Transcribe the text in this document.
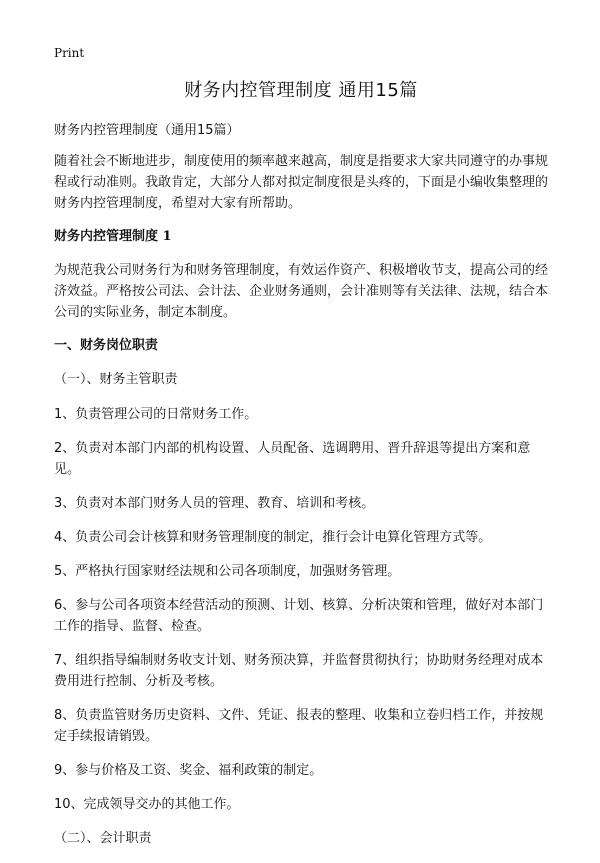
Print
财务内控管理制度 通用15篇
财务内控管理制度（通用15篇）
随着社会不断地进步，制度使用的频率越来越高，制度是指要求大家共同遵守的办事规程或行动准则。我敢肯定，大部分人都对拟定制度很是头疼的，下面是小编收集整理的财务内控管理制度，希望对大家有所帮助。
财务内控管理制度 1
为规范我公司财务行为和财务管理制度，有效运作资产、积极增收节支，提高公司的经济效益。严格按公司法、会计法、企业财务通则，会计准则等有关法律、法规，结合本公司的实际业务，制定本制度。
一、财务岗位职责
（一）、财务主管职责
1、负责管理公司的日常财务工作。
2、负责对本部门内部的机构设置、人员配备、选调聘用、晋升辞退等提出方案和意见。
3、负责对本部门财务人员的管理、教育、培训和考核。
4、负责公司会计核算和财务管理制度的制定，推行会计电算化管理方式等。
5、严格执行国家财经法规和公司各项制度，加强财务管理。
6、参与公司各项资本经营活动的预测、计划、核算、分析决策和管理，做好对本部门工作的指导、监督、检查。
7、组织指导编制财务收支计划、财务预决算，并监督贯彻执行；协助财务经理对成本费用进行控制、分析及考核。
8、负责监管财务历史资料、文件、凭证、报表的整理、收集和立卷归档工作，并按规定手续报请销毁。
9、参与价格及工资、奖金、福利政策的制定。
10、完成领导交办的其他工作。
（二）、会计职责
